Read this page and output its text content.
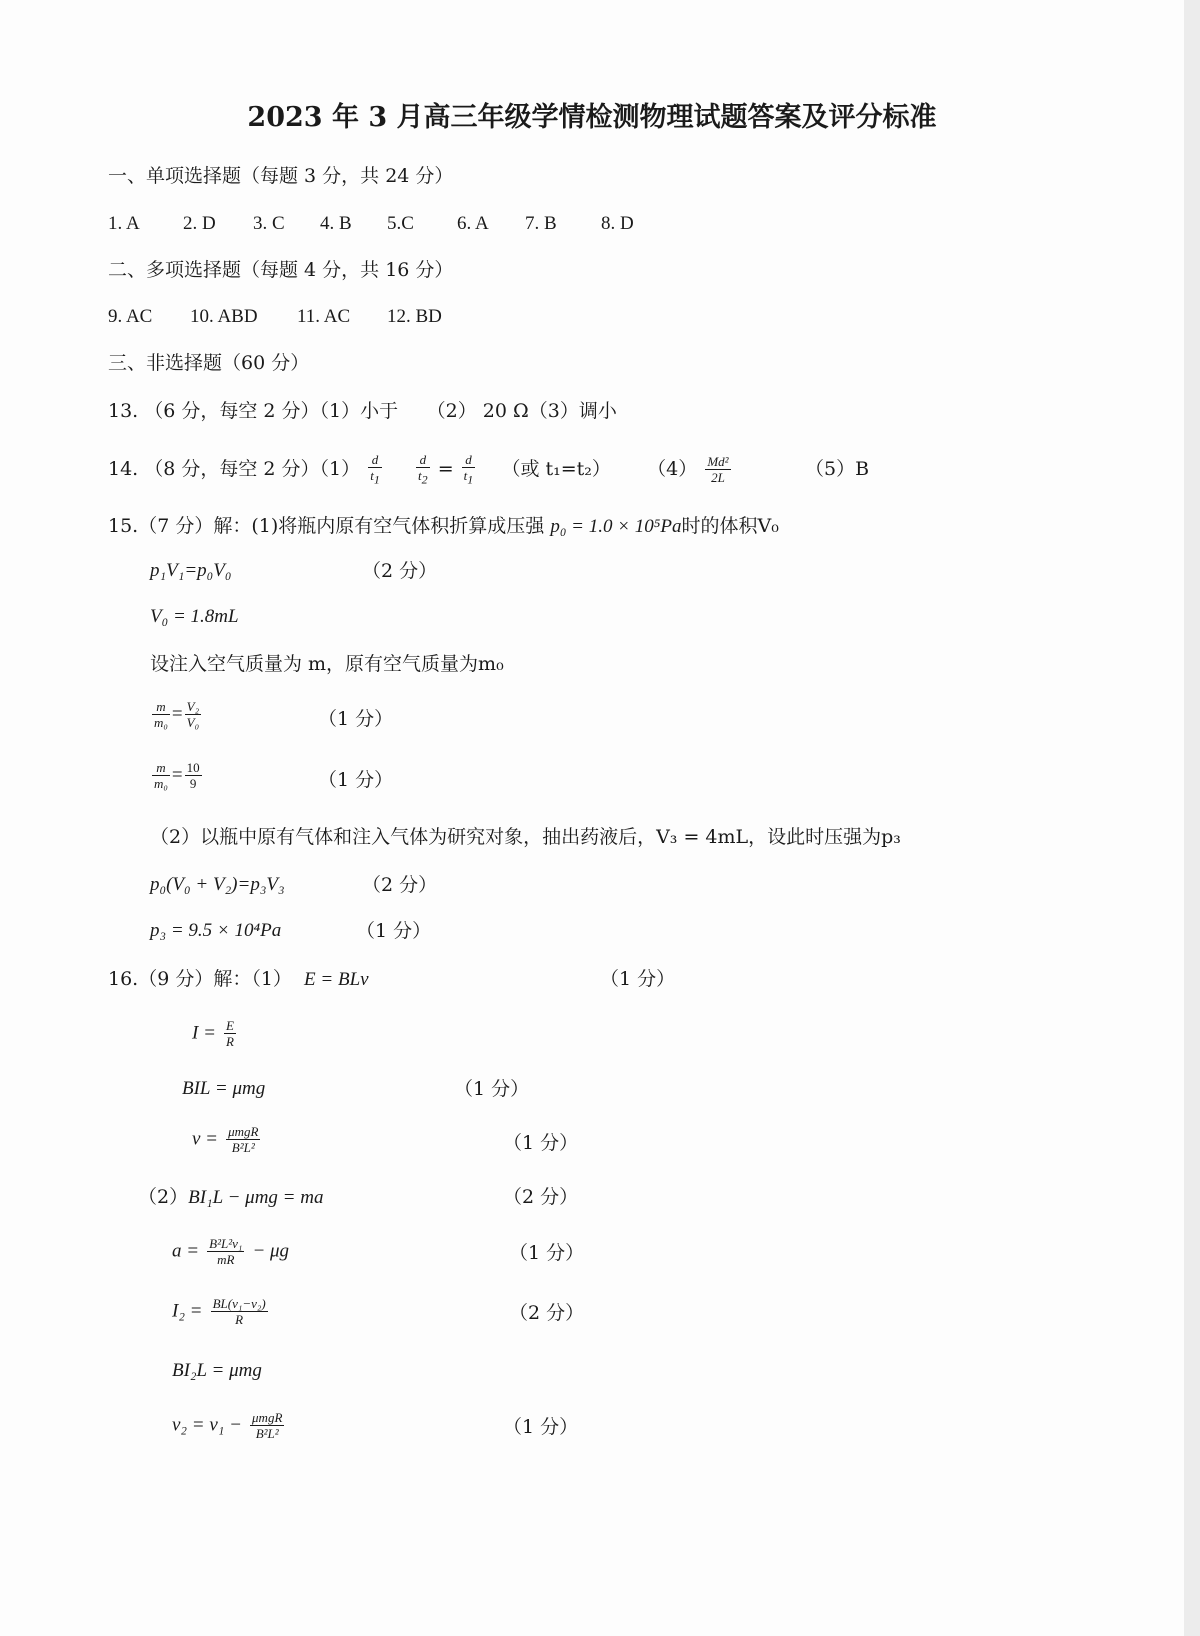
2023 年 3 月高三年级学情检测物理试题答案及评分标准
一、单项选择题（每题 3 分，共 24 分）
1. A 2. D 3. C 4. B 5.C 6. A 7. B 8. D
二、多项选择题（每题 4 分，共 16 分）
9. AC 10. ABD 11. AC 12. BD
三、非选择题（60 分）
13. （6 分，每空 2 分）（1）小于　　（2） 20 Ω（3）调小
14. （8 分，每空 2 分）$(1) \frac{d}{t_1}$
	$\frac{d}{t_2} = \frac{d}{t_1}$ （或 t₁=t₂） $(4) \frac{\text{Md²}}{2L}$	（5）B
15.（7 分）解：(1)将瓶内原有空气体积折算成压强 p₀ = 1.0 × 10⁵Pa时的体积V₀
p₁V₁=p₀V₀	（2 分）
V₀ = 1.8mL
设注入空气质量为 m，原有空气质量为m₀
$\frac{m}{\text{m₀}} = \frac{\text{V₂}}{\text{V₀}}$	（1 分）
$\frac{m}{\text{m₀}} = \frac{10}{9}$	（1 分）
（2）以瓶中原有气体和注入气体为研究对象，抽出药液后，V₃ = 4mL，设此时压强为p₃
p₀(V₀ + V₂)=p₃V₃	（2 分）
p₃ = 9.5 × 10⁴Pa	（1 分）
16.（9 分）解：（1） E = BLv	（1 分）
$I = \frac{E}{R}$
BIL = μmg	（1 分）
$v = \frac{\text{μmgR}}{\text{B²L²}}$	（1 分）
（2）BI₁L − μmg = ma	（2 分）
$a = \frac{\text{B²L²v₁}}{mR} - \mu g$	（1 分）
$I_2 = \frac{\text{BL(v₁−v₂)}}{R}$	（2 分）
BI₂L = μmg
$v_2 = v_1 - \frac{\text{μmgR}}{\text{B²L²}}$	（1 分）
